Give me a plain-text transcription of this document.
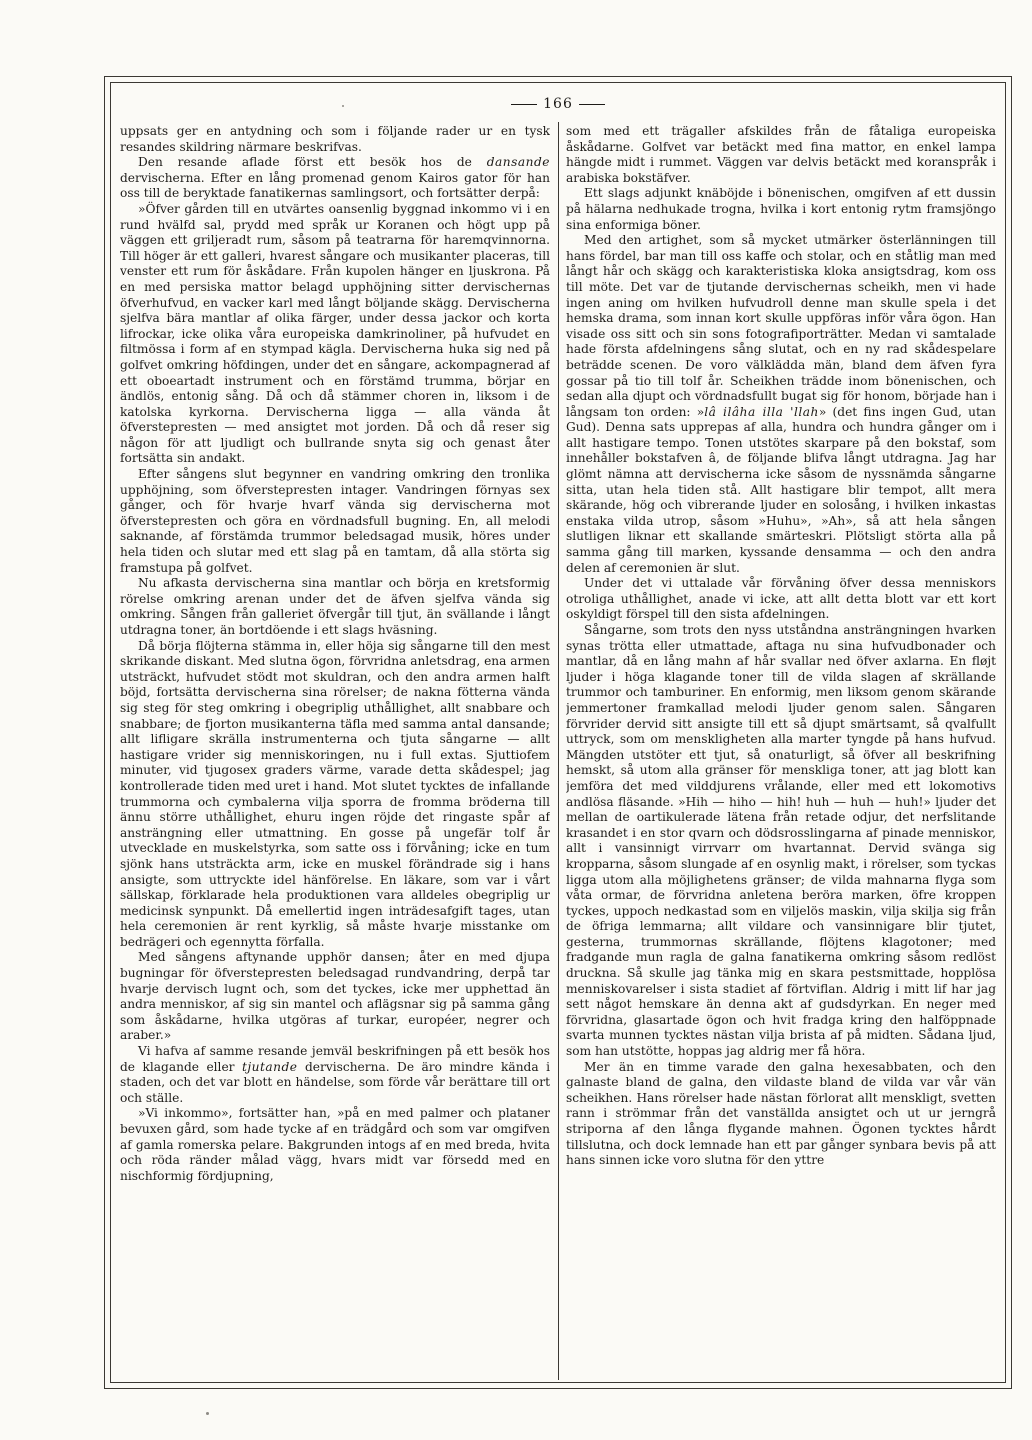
166

uppsats ger en antydning och som i följande rader ur en tysk resandes skildring närmare beskrifvas.

Den resande aflade först ett besök hos de dansande dervischerna. Efter en lång promenad genom Kairos gator för han oss till de beryktade fanatikernas samlingsort, och fortsätter derpå:

»Öfver gården till en utvärtes oansenlig byggnad inkommo vi i en rund hvälfd sal, prydd med språk ur Koranen och högt upp på väggen ett griljeradt rum, såsom på teatrarna för haremqvinnorna. Till höger är ett galleri, hvarest sångare och musikanter placeras, till venster ett rum för åskådare. Från kupolen hänger en ljuskrona. På en med persiska mattor belagd upphöjning sitter dervischernas öfverhufvud, en vacker karl med långt böljande skägg. Dervischerna sjelfva bära mantlar af olika färger, under dessa jackor och korta lifrockar, icke olika våra europeiska damkrinoliner, på hufvudet en filtmössa i form af en stympad kägla. Dervischerna huka sig ned på golfvet omkring höfdingen, under det en sångare, ackompagnerad af ett oboeartadt instrument och en förstämd trumma, börjar en ändlös, entonig sång. Då och då stämmer choren in, liksom i de katolska kyrkorna. Dervischerna ligga — alla vända åt öfverstepresten — med ansigtet mot jorden. Då och då reser sig någon för att ljudligt och bullrande snyta sig och genast åter fortsätta sin andakt.

Efter sångens slut begynner en vandring omkring den tronlika upphöjning, som öfverstepresten intager. Vandringen förnyas sex gånger, och för hvarje hvarf vända sig dervischerna mot öfverstepresten och göra en vördnadsfull bugning. En, all melodi saknande, af förstämda trummor beledsagad musik, höres under hela tiden och slutar med ett slag på en tamtam, då alla störta sig framstupa på golfvet.

Nu afkasta dervischerna sina mantlar och börja en kretsformig rörelse omkring arenan under det de äfven sjelfva vända sig omkring. Sången från galleriet öfvergår till tjut, än svällande i långt utdragna toner, än bortdöende i ett slags hväsning.

Då börja flöjterna stämma in, eller höja sig sångarne till den mest skrikande diskant. Med slutna ögon, förvridna anletsdrag, ena armen utsträckt, hufvudet stödt mot skuldran, och den andra armen halft böjd, fortsätta dervischerna sina rörelser; de nakna fötterna vända sig steg för steg omkring i obegriplig uthållighet, allt snabbare och snabbare; de fjorton musikanterna täfla med samma antal dansande; allt lifligare skrälla instrumenterna och tjuta sångarne — allt hastigare vrider sig menniskoringen, nu i full extas. Sjuttiofem minuter, vid tjugosex graders värme, varade detta skådespel; jag kontrollerade tiden med uret i hand. Mot slutet tycktes de infallande trummorna och cymbalerna vilja sporra de fromma bröderna till ännu större uthållighet, ehuru ingen röjde det ringaste spår af ansträngning eller utmattning. En gosse på ungefär tolf år utvecklade en muskelstyrka, som satte oss i förvåning; icke en tum sjönk hans utsträckta arm, icke en muskel förändrade sig i hans ansigte, som uttryckte idel hänförelse. En läkare, som var i vårt sällskap, förklarade hela produktionen vara alldeles obegriplig ur medicinsk synpunkt. Då emellertid ingen inträdesafgift tages, utan hela ceremonien är rent kyrklig, så måste hvarje misstanke om bedrägeri och egennytta förfalla.

Med sångens aftynande upphör dansen; åter en med djupa bugningar för öfverstepresten beledsagad rundvandring, derpå tar hvarje dervisch lugnt och, som det tyckes, icke mer upphettad än andra menniskor, af sig sin mantel och aflägsnar sig på samma gång som åskådarne, hvilka utgöras af turkar, européer, negrer och araber.»

Vi hafva af samme resande jemväl beskrifningen på ett besök hos de klagande eller tjutande dervischerna. De äro mindre kända i staden, och det var blott en händelse, som förde vår berättare till ort och ställe.

»Vi inkommo», fortsätter han, »på en med palmer och plataner bevuxen gård, som hade tycke af en trädgård och som var omgifven af gamla romerska pelare. Bakgrunden intogs af en med breda, hvita och röda ränder målad vägg, hvars midt var försedd med en nischformig fördjupning,

som med ett trägaller afskildes från de fåtaliga europeiska åskådarne. Golfvet var betäckt med fina mattor, en enkel lampa hängde midt i rummet. Väggen var delvis betäckt med koranspråk i arabiska bokstäfver.

Ett slags adjunkt knäböjde i bönenischen, omgifven af ett dussin på hälarna nedhukade trogna, hvilka i kort entonig rytm framsjöngo sina enformiga böner.

Med den artighet, som så mycket utmärker österlänningen till hans fördel, bar man till oss kaffe och stolar, och en ståtlig man med långt hår och skägg och karakteristiska kloka ansigtsdrag, kom oss till möte. Det var de tjutande dervischernas scheikh, men vi hade ingen aning om hvilken hufvudroll denne man skulle spela i det hemska drama, som innan kort skulle uppföras inför våra ögon. Han visade oss sitt och sin sons fotografiporträtter. Medan vi samtalade hade första afdelningens sång slutat, och en ny rad skådespelare beträdde scenen. De voro välklädda män, bland dem äfven fyra gossar på tio till tolf år. Scheikhen trädde inom bönenischen, och sedan alla djupt och vördnadsfullt bugat sig för honom, började han i långsam ton orden: »lâ ilâha illa 'llah» (det fins ingen Gud, utan Gud). Denna sats upprepas af alla, hundra och hundra gånger om i allt hastigare tempo. Tonen utstötes skarpare på den bokstaf, som innehåller bokstafven â, de följande blifva långt utdragna. Jag har glömt nämna att dervischerna icke såsom de nyssnämda sångarne sitta, utan hela tiden stå. Allt hastigare blir tempot, allt mera skärande, hög och vibrerande ljuder en solosång, i hvilken inkastas enstaka vilda utrop, såsom »Huhu», »Ah», så att hela sången slutligen liknar ett skallande smärteskri. Plötsligt störta alla på samma gång till marken, kyssande densamma — och den andra delen af ceremonien är slut.

Under det vi uttalade vår förvåning öfver dessa menniskors otroliga uthållighet, anade vi icke, att allt detta blott var ett kort oskyldigt förspel till den sista afdelningen.

Sångarne, som trots den nyss utståndna ansträngningen hvarken synas trötta eller utmattade, aftaga nu sina hufvudbonader och mantlar, då en lång mahn af hår svallar ned öfver axlarna. En fløjt ljuder i höga klagande toner till de vilda slagen af skrällande trummor och tamburiner. En enformig, men liksom genom skärande jemmertoner framkallad melodi ljuder genom salen. Sångaren förvrider dervid sitt ansigte till ett så djupt smärtsamt, så qvalfullt uttryck, som om menskligheten alla marter tyngde på hans hufvud. Mängden utstöter ett tjut, så onaturligt, så öfver all beskrifning hemskt, så utom alla gränser för menskliga toner, att jag blott kan jemföra det med vilddjurens vrålande, eller med ett lokomotivs andlösa fläsande. »Hih — hiho — hih! huh — huh — huh!» ljuder det mellan de oartikulerade lätena från retade odjur, det nerfslitande krasandet i en stor qvarn och dödsrosslingarna af pinade menniskor, allt i vansinnigt virrvarr om hvartannat. Dervid svänga sig kropparna, såsom slungade af en osynlig makt, i rörelser, som tyckas ligga utom alla möjlighetens gränser; de vilda mahnarna flyga som våta ormar, de förvridna anletena beröra marken, öfre kroppen tyckes, uppoch nedkastad som en viljelös maskin, vilja skilja sig från de öfriga lemmarna; allt vildare och vansinnigare blir tjutet, gesterna, trummornas skrällande, flöjtens klagotoner; med fradgande mun ragla de galna fanatikerna omkring såsom redlöst druckna. Så skulle jag tänka mig en skara pestsmittade, hopplösa menniskovarelser i sista stadiet af förtviflan. Aldrig i mitt lif har jag sett något hemskare än denna akt af gudsdyrkan. En neger med förvridna, glasartade ögon och hvit fradga kring den halföppnade svarta munnen tycktes nästan vilja brista af på midten. Sådana ljud, som han utstötte, hoppas jag aldrig mer få höra.

Mer än en timme varade den galna hexesabbaten, och den galnaste bland de galna, den vildaste bland de vilda var vår vän scheikhen. Hans rörelser hade nästan förlorat allt menskligt, svetten rann i strömmar från det vanställda ansigtet och ut ur jerngrå striporna af den långa flygande mahnen. Ögonen tycktes hårdt tillslutna, och dock lemnade han ett par gånger synbara bevis på att hans sinnen icke voro slutna för den yttre
